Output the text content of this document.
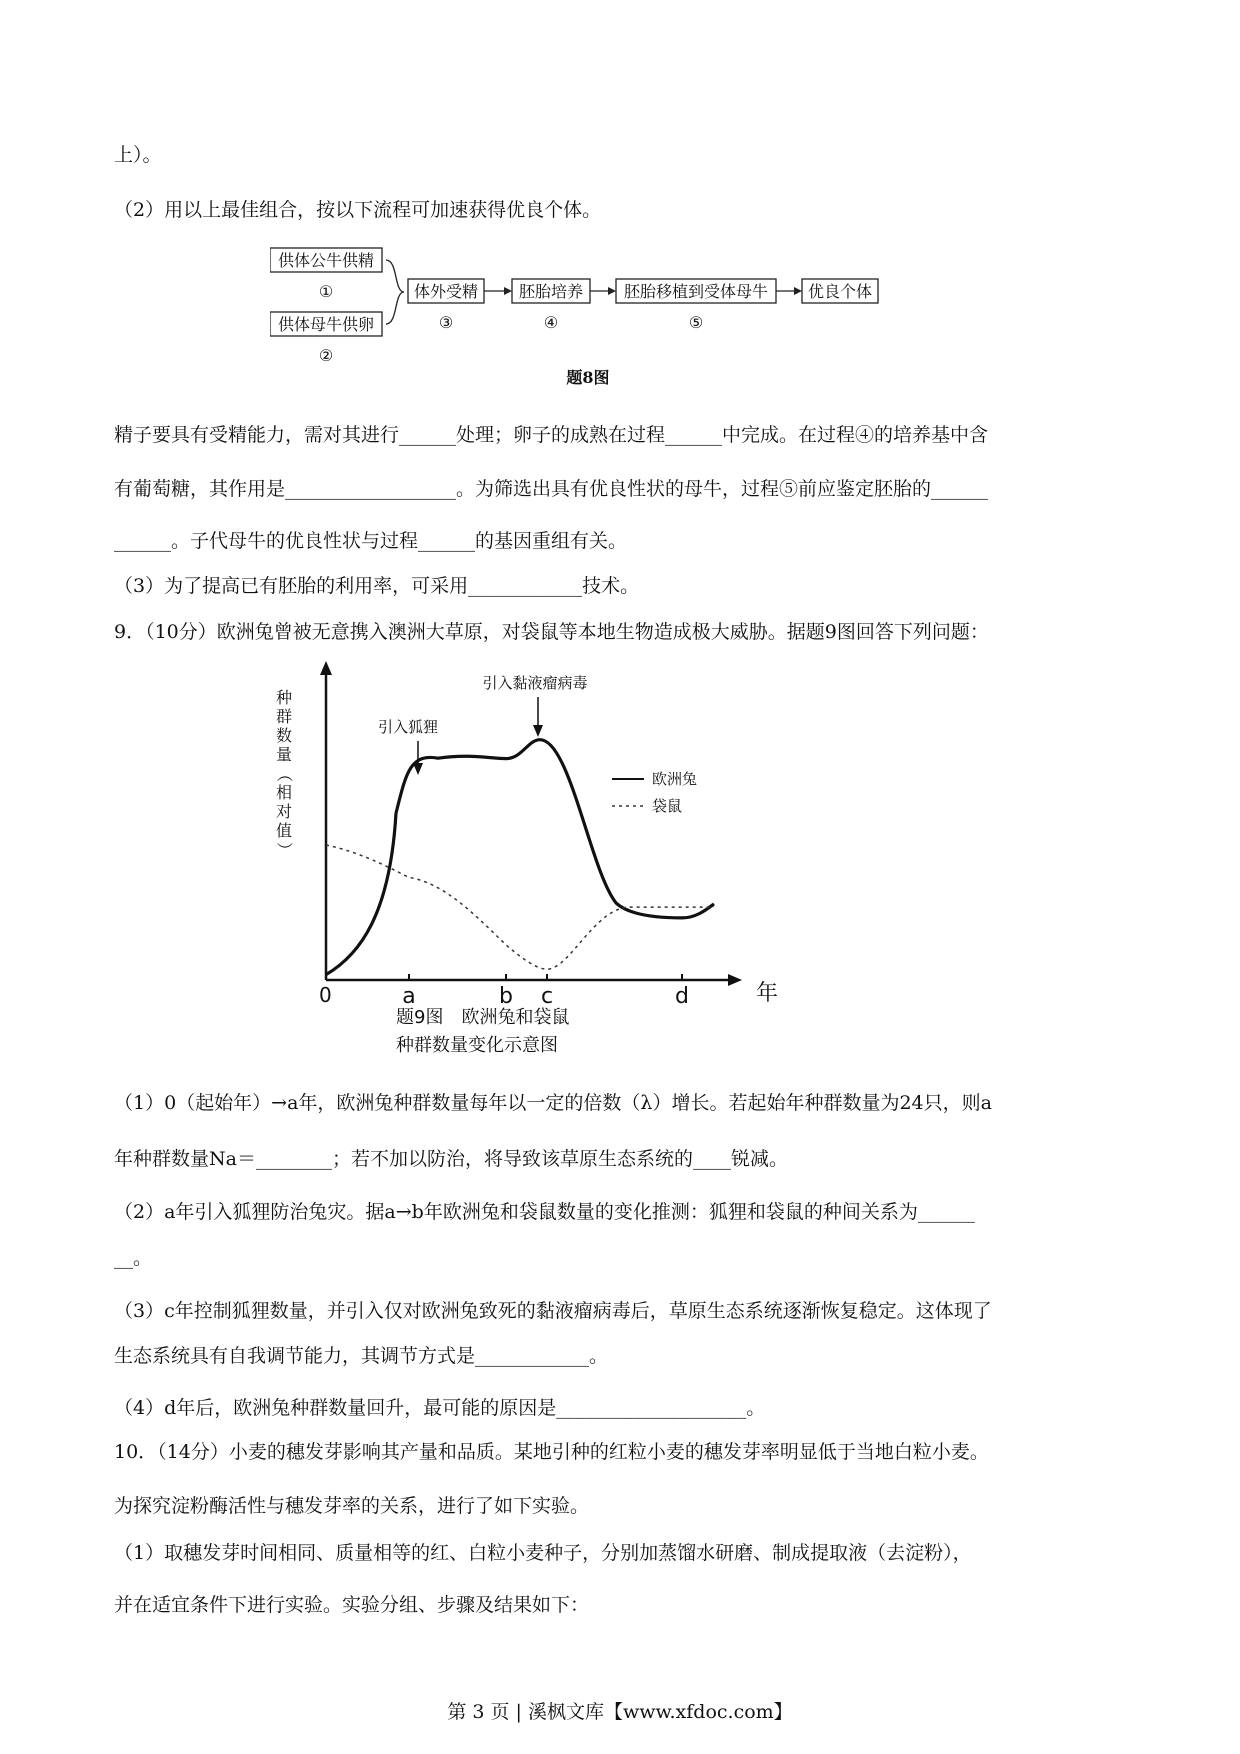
上）。
（2）用以上最佳组合，按以下流程可加速获得优良个体。
供体公牛供精
①
供体母牛供卵
②
体外受精
③
胚胎培养
④
胚胎移植到受体母牛
⑤
优良个体
题8图
精子要具有受精能力，需对其进行______处理；卵子的成熟在过程______中完成。在过程④的培养基中含
有葡萄糖，其作用是__________________。为筛选出具有优良性状的母牛，过程⑤前应鉴定胚胎的______
______。子代母牛的优良性状与过程______的基因重组有关。
（3）为了提高已有胚胎的利用率，可采用____________技术。
9．（10分）欧洲兔曾被无意携入澳洲大草原，对袋鼠等本地生物造成极大威胁。据题9图回答下列问题：
种
群
数
量
（
相
对
值
）
0	年
a	b c	d
引入狐狸
引入黏液瘤病毒
欧洲兔
袋鼠
题9图　欧洲兔和袋鼠
种群数量变化示意图
（1）0（起始年）→a年，欧洲兔种群数量每年以一定的倍数（λ）增长。若起始年种群数量为24只，则a
年种群数量Na＝________；若不加以防治，将导致该草原生态系统的____锐减。
（2）a年引入狐狸防治兔灾。据a→b年欧洲兔和袋鼠数量的变化推测：狐狸和袋鼠的种间关系为______
__。
（3）c年控制狐狸数量，并引入仅对欧洲兔致死的黏液瘤病毒后，草原生态系统逐渐恢复稳定。这体现了
生态系统具有自我调节能力，其调节方式是____________。
（4）d年后，欧洲兔种群数量回升，最可能的原因是____________________。
10．（14分）小麦的穗发芽影响其产量和品质。某地引种的红粒小麦的穗发芽率明显低于当地白粒小麦。
为探究淀粉酶活性与穗发芽率的关系，进行了如下实验。
（1）取穗发芽时间相同、质量相等的红、白粒小麦种子，分别加蒸馏水研磨、制成提取液（去淀粉），
并在适宜条件下进行实验。实验分组、步骤及结果如下：
第 3 页 | 溪枫文库【www.xfdoc.com】
